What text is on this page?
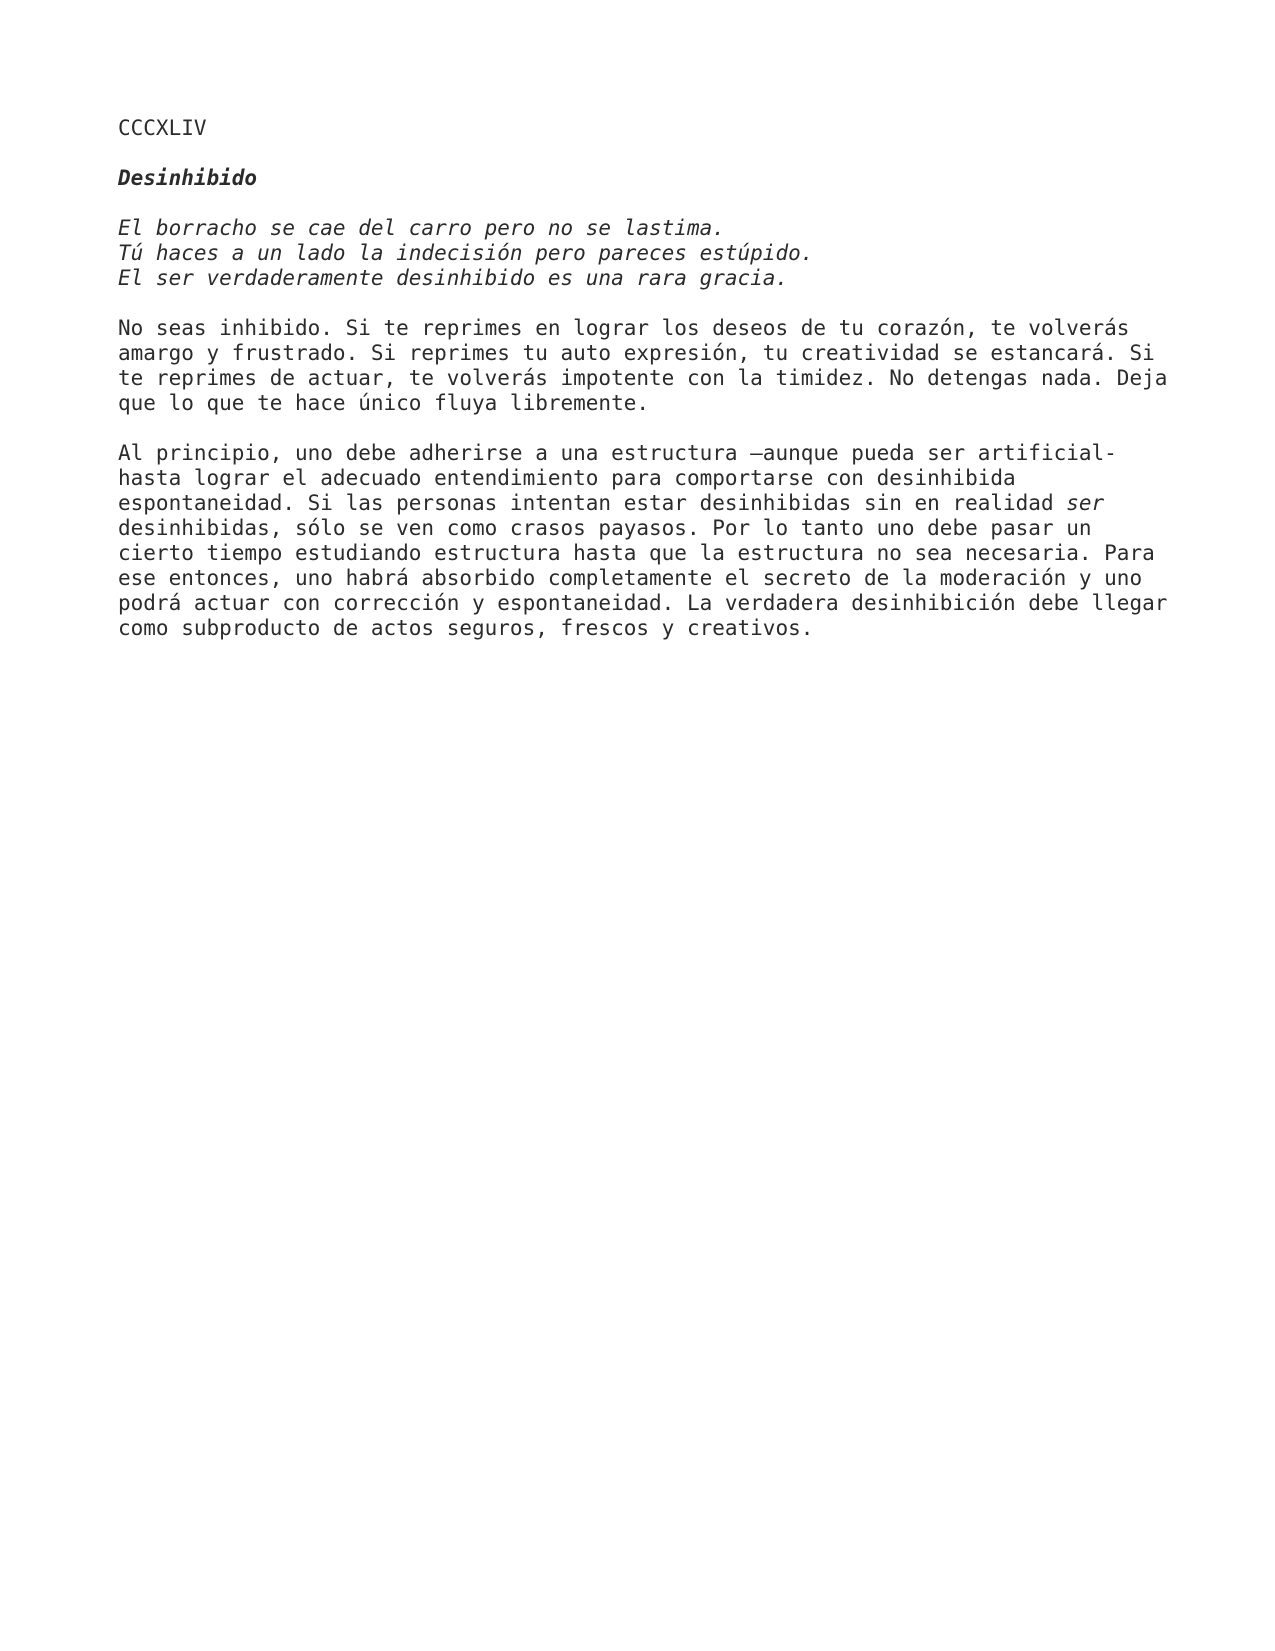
CCCXLIV
Desinhibido
El borracho se cae del carro pero no se lastima.
Tú haces a un lado la indecisión pero pareces estúpido.
El ser verdaderamente desinhibido es una rara gracia.
No seas inhibido. Si te reprimes en lograr los deseos de tu corazón, te volverás
amargo y frustrado. Si reprimes tu auto expresión, tu creatividad se estancará. Si
te reprimes de actuar, te volverás impotente con la timidez. No detengas nada. Deja
que lo que te hace único fluya libremente.
Al principio, uno debe adherirse a una estructura –aunque pueda ser artificial-
hasta lograr el adecuado entendimiento para comportarse con desinhibida
espontaneidad. Si las personas intentan estar desinhibidas sin en realidad ser
desinhibidas, sólo se ven como crasos payasos. Por lo tanto uno debe pasar un
cierto tiempo estudiando estructura hasta que la estructura no sea necesaria. Para
ese entonces, uno habrá absorbido completamente el secreto de la moderación y uno
podrá actuar con corrección y espontaneidad. La verdadera desinhibición debe llegar
como subproducto de actos seguros, frescos y creativos.
